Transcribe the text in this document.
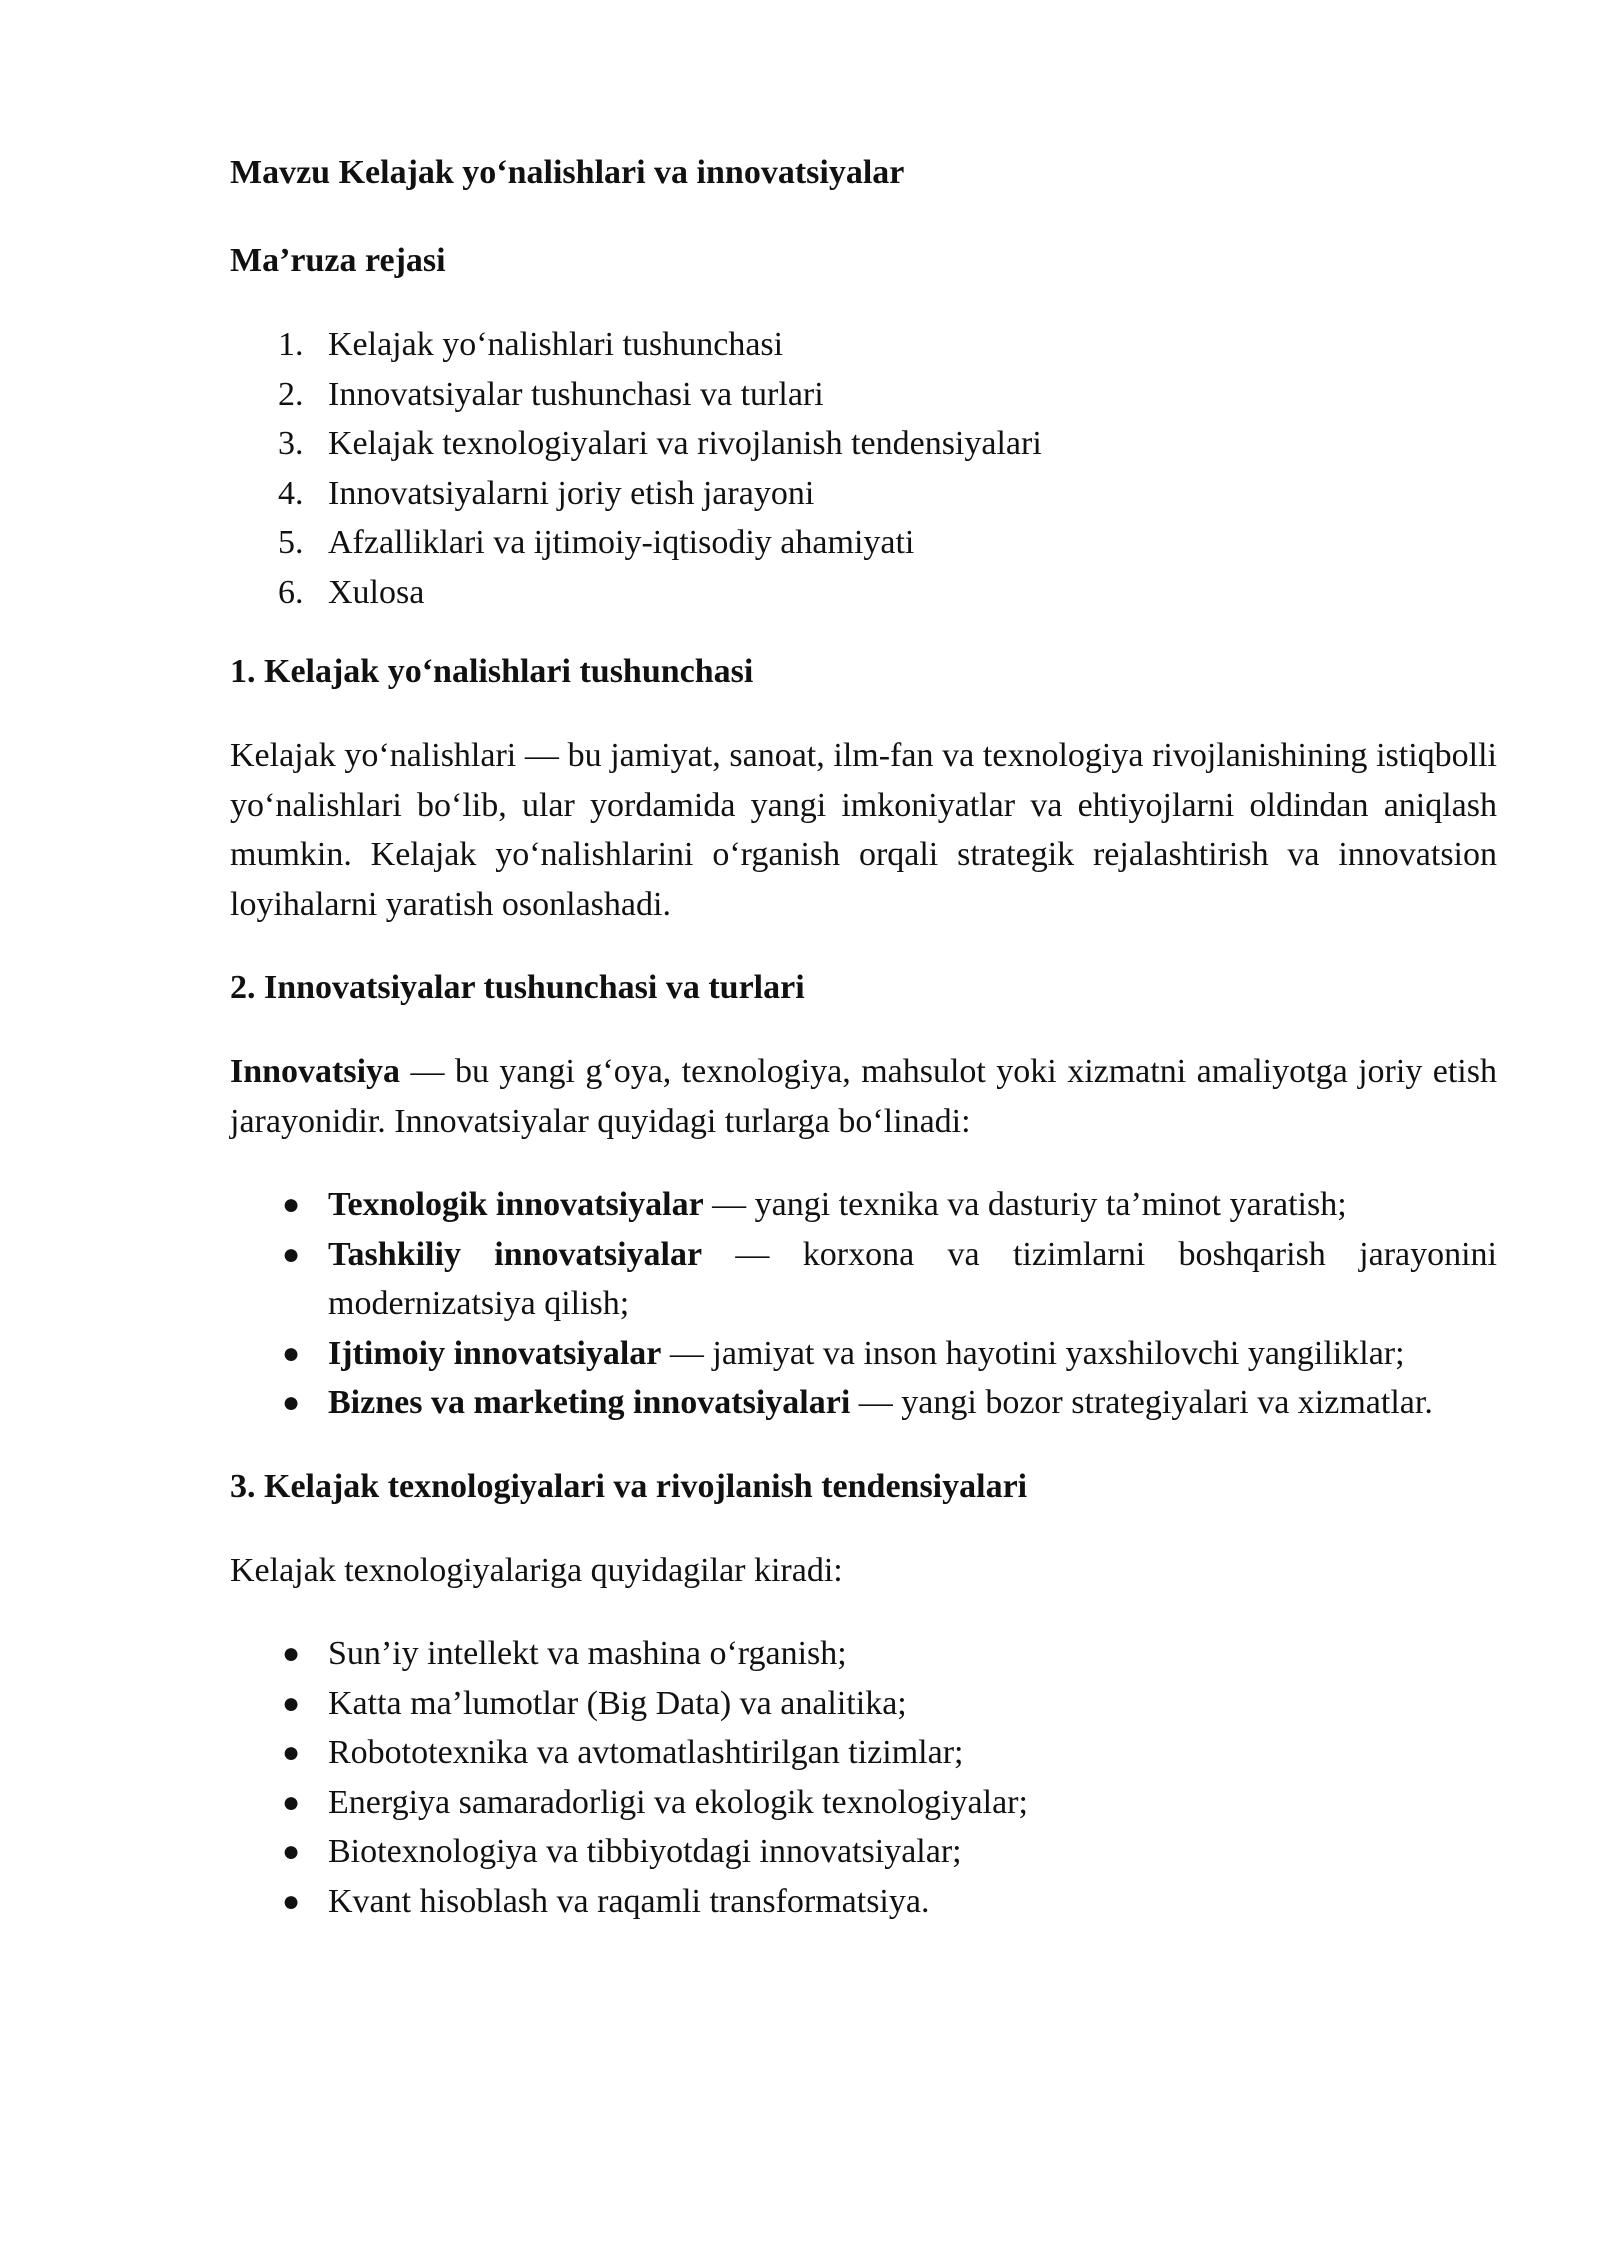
Mavzu Kelajak yo‘nalishlari va innovatsiyalar
Ma’ruza rejasi
1. Kelajak yo‘nalishlari tushunchasi
2. Innovatsiyalar tushunchasi va turlari
3. Kelajak texnologiyalari va rivojlanish tendensiyalari
4. Innovatsiyalarni joriy etish jarayoni
5. Afzalliklari va ijtimoiy-iqtisodiy ahamiyati
6. Xulosa
1. Kelajak yo‘nalishlari tushunchasi

Kelajak yo‘nalishlari — bu jamiyat, sanoat, ilm-fan va texnologiya rivojlanishining istiqbolli yo‘nalishlari bo‘lib, ular yordamida yangi imkoniyatlar va ehtiyojlarni oldindan aniqlash mumkin. Kelajak yo‘nalishlarini o‘rganish orqali strategik rejalashtirish va innovatsion loyihalarni yaratish osonlashadi.

2. Innovatsiyalar tushunchasi va turlari

Innovatsiya — bu yangi g‘oya, texnologiya, mahsulot yoki xizmatni amaliyotga joriy etish jarayonidir. Innovatsiyalar quyidagi turlarga bo‘linadi:

● Texnologik innovatsiyalar — yangi texnika va dasturiy ta’minot yaratish;
● Tashkiliy innovatsiyalar — korxona va tizimlarni boshqarish jarayonini modernizatsiya qilish;
● Ijtimoiy innovatsiyalar — jamiyat va inson hayotini yaxshilovchi yangiliklar;
● Biznes va marketing innovatsiyalari — yangi bozor strategiyalari va xizmatlar.
3. Kelajak texnologiyalari va rivojlanish tendensiyalari

Kelajak texnologiyalariga quyidagilar kiradi:

● Sun’iy intellekt va mashina o‘rganish;
● Katta ma’lumotlar (Big Data) va analitika;
● Robototexnika va avtomatlashtirilgan tizimlar;
● Energiya samaradorligi va ekologik texnologiyalar;
● Biotexnologiya va tibbiyotdagi innovatsiyalar;
● Kvant hisoblash va raqamli transformatsiya.
